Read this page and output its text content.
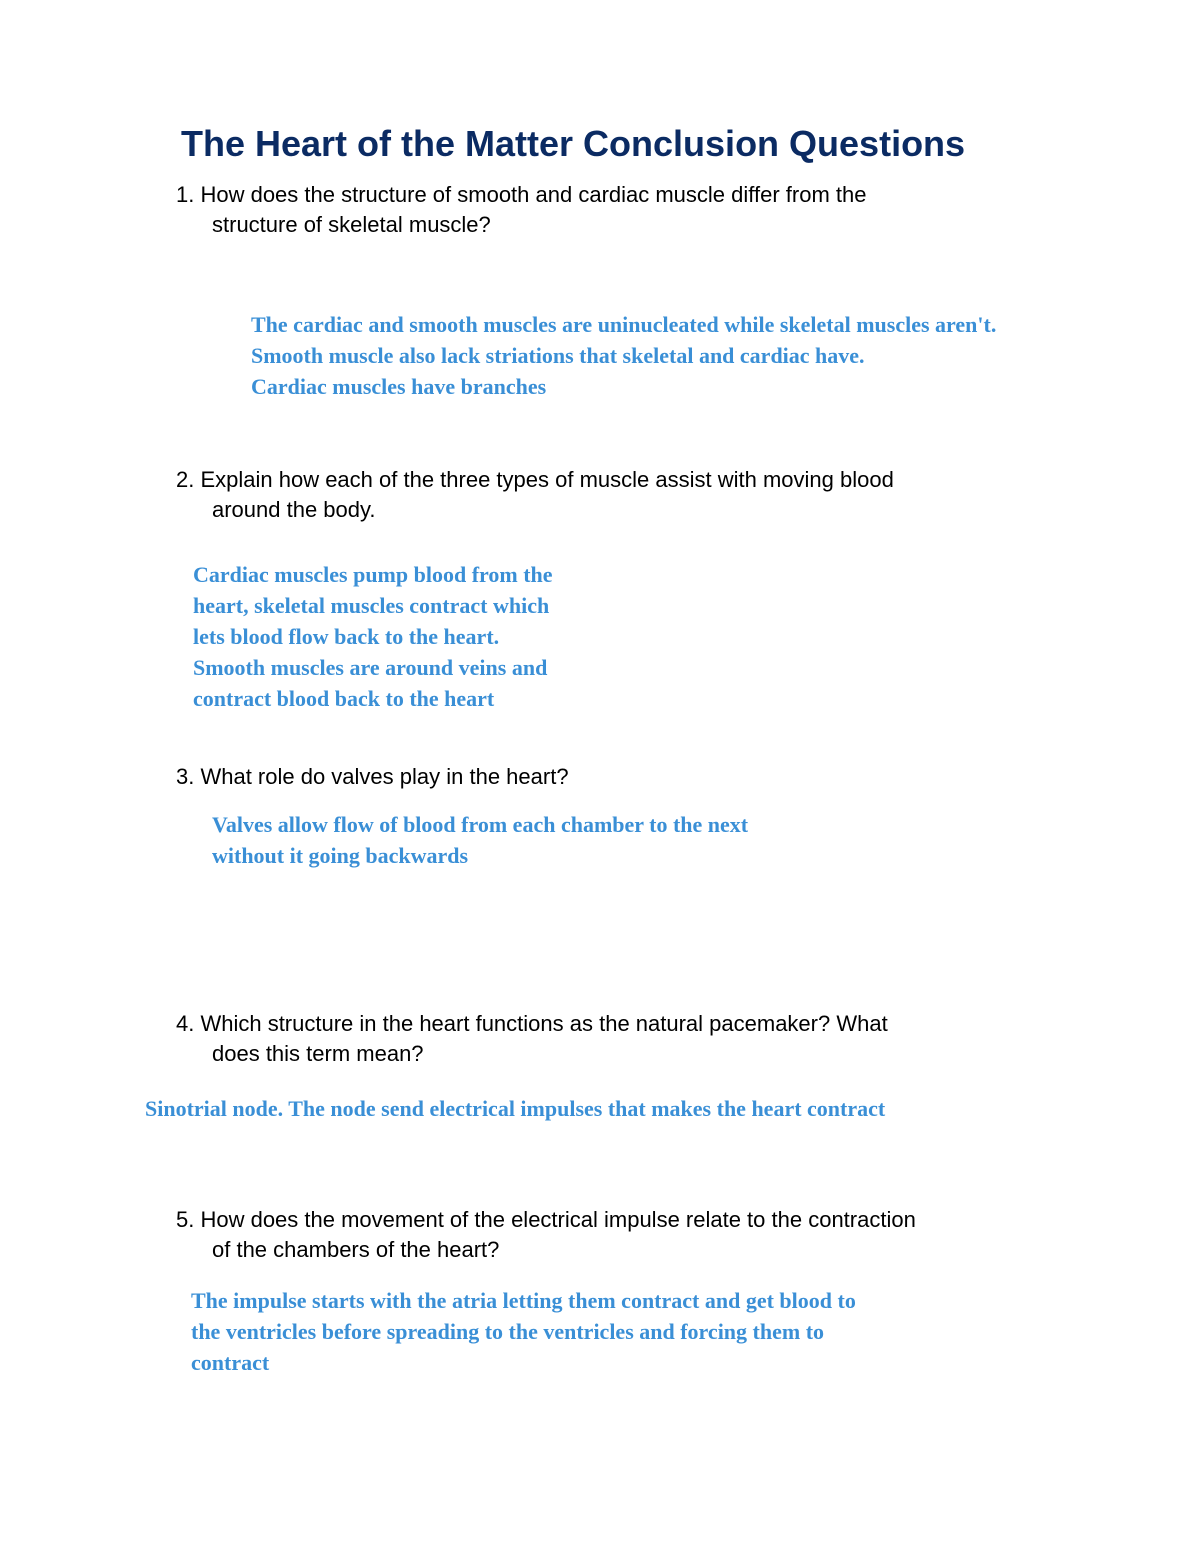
The Heart of the Matter Conclusion Questions

1. How does the structure of smooth and cardiac muscle differ from the
structure of skeletal muscle?

The cardiac and smooth muscles are uninucleated while skeletal muscles aren't.
Smooth muscle also lack striations that skeletal and cardiac have.
Cardiac muscles have branches

2. Explain how each of the three types of muscle assist with moving blood
around the body.

Cardiac muscles pump blood from the
heart, skeletal muscles contract which
lets blood flow back to the heart.
Smooth muscles are around veins and
contract blood back to the heart

3. What role do valves play in the heart?

Valves allow flow of blood from each chamber to the next
without it going backwards

4. Which structure in the heart functions as the natural pacemaker? What
does this term mean?

Sinotrial node. The node send electrical impulses that makes the heart contract

5. How does the movement of the electrical impulse relate to the contraction
of the chambers of the heart?

The impulse starts with the atria letting them contract and get blood to
the ventricles before spreading to the ventricles and forcing them to
contract
